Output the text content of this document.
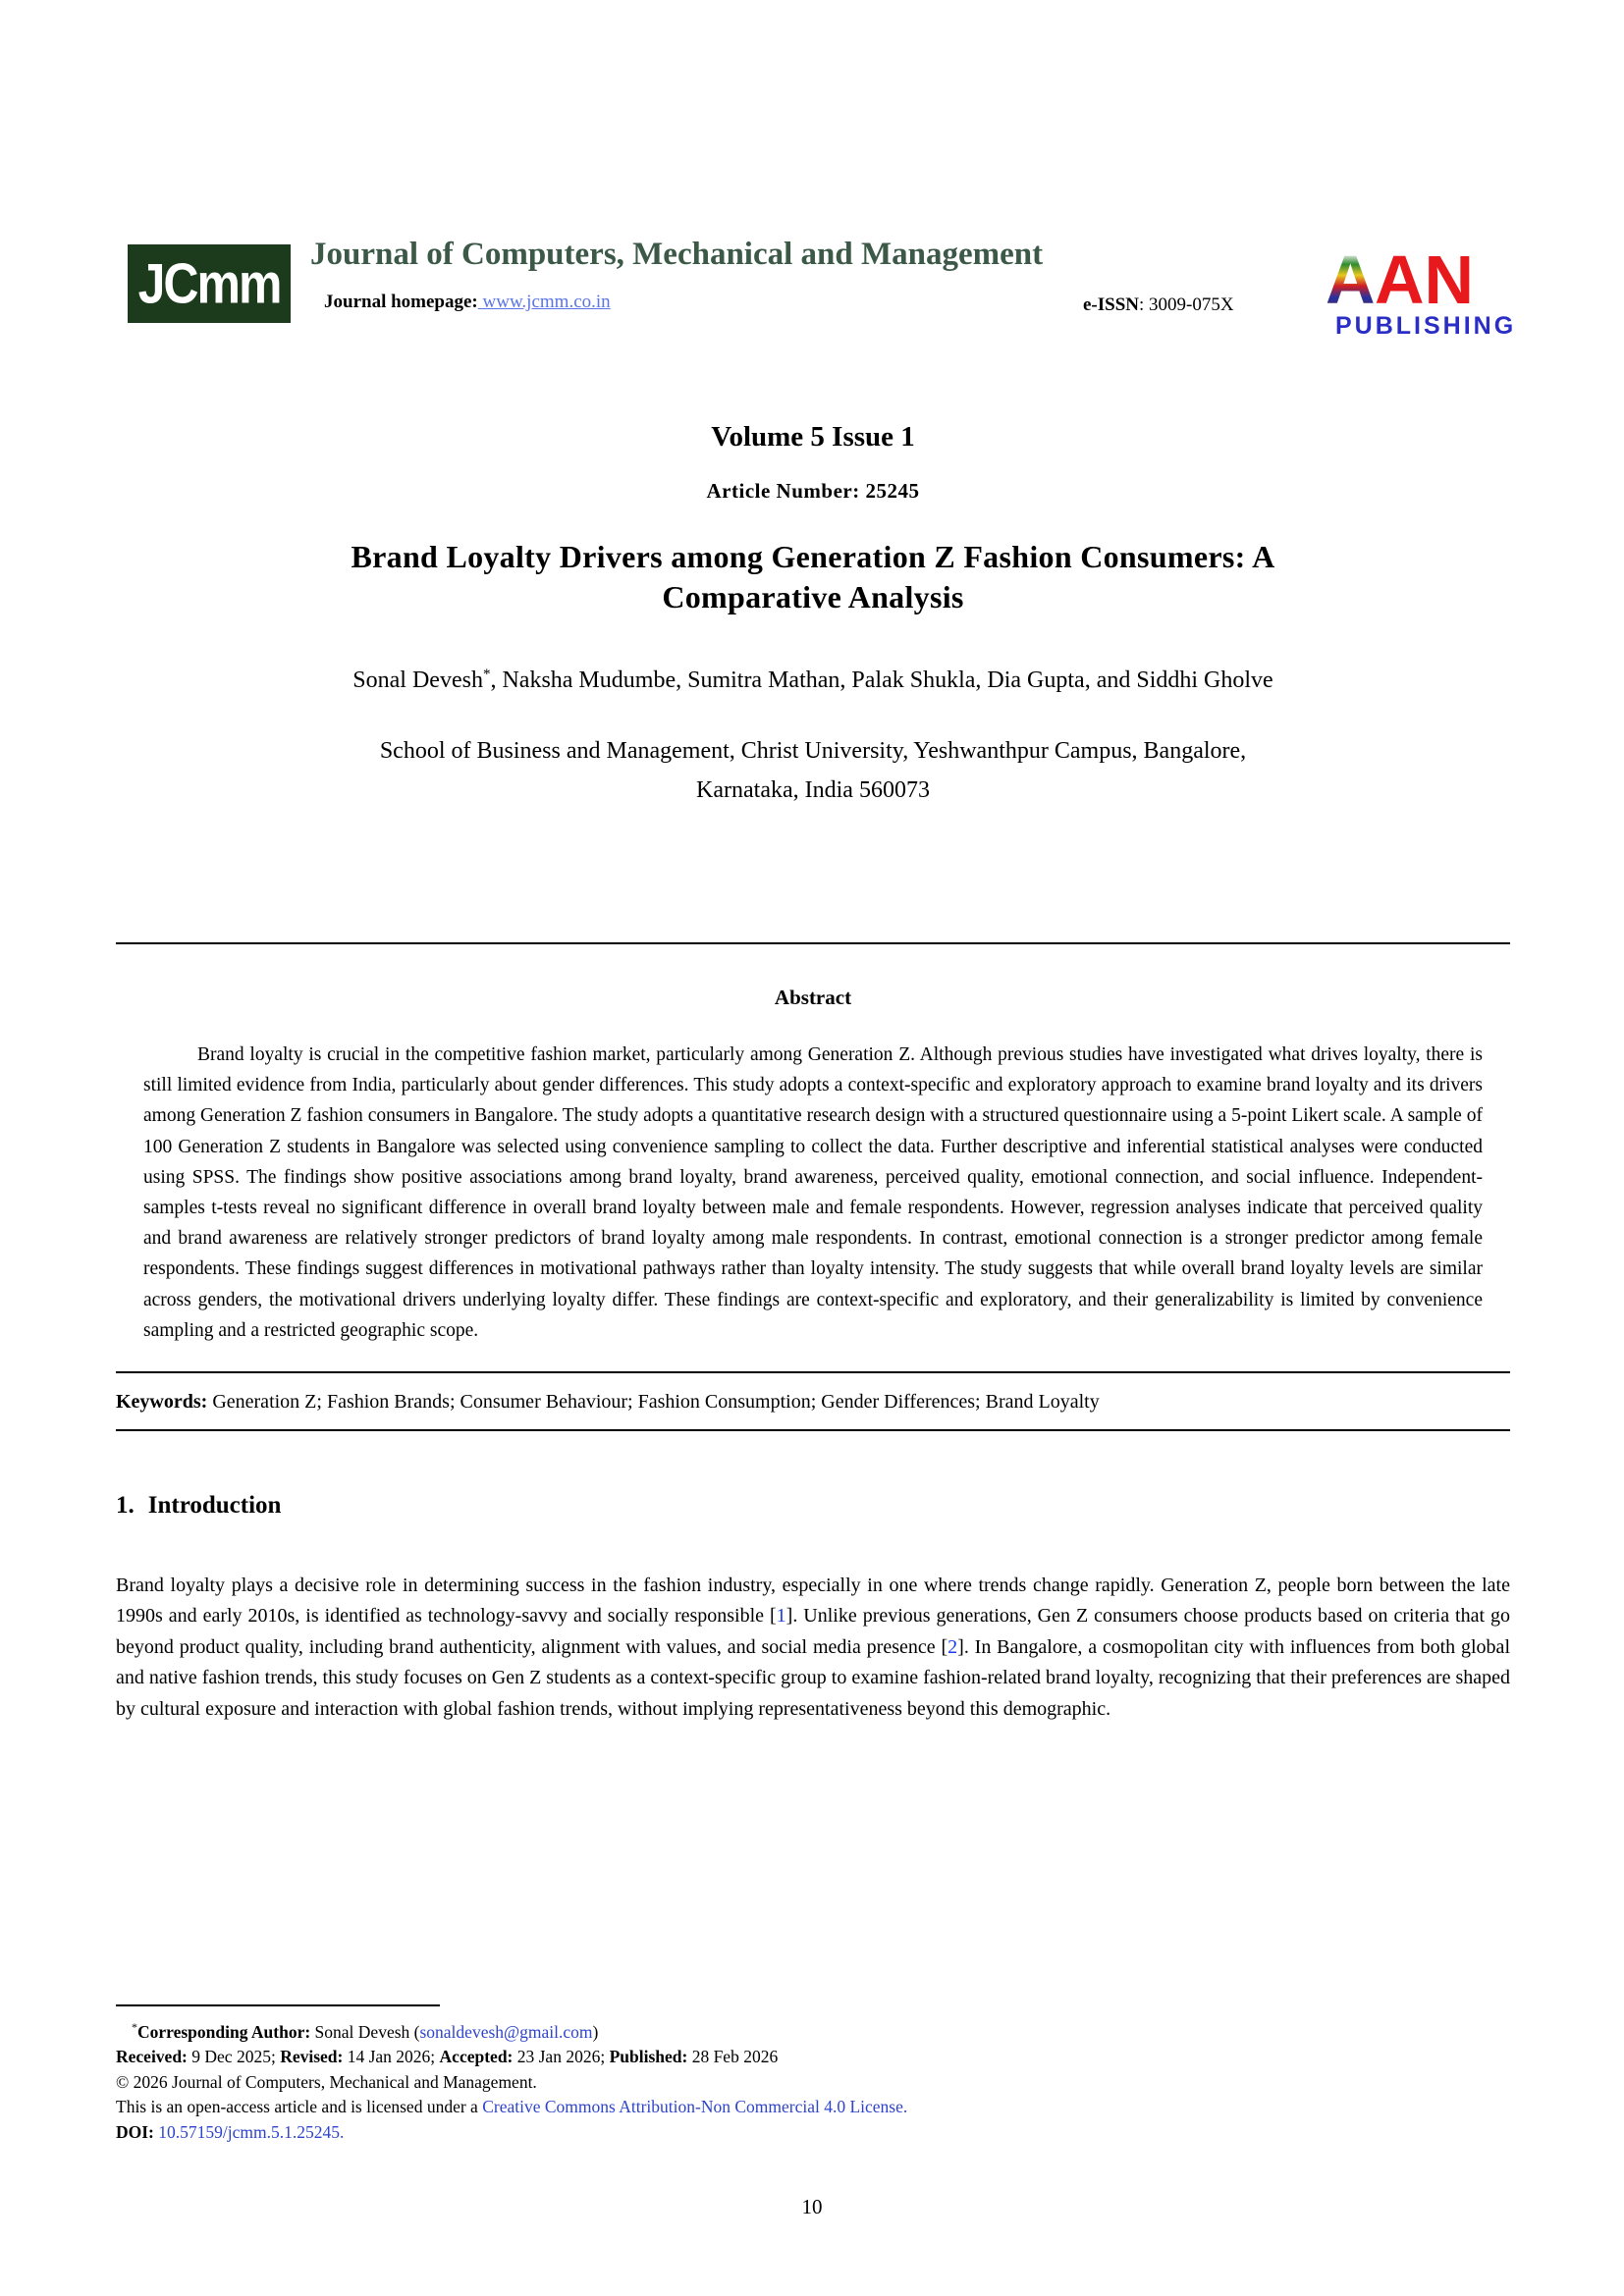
JCmm Journal of Computers, Mechanical and Management
Journal homepage: www.jcmm.co.in	e-ISSN: 3009-075X A AN
PUBLISHING
Volume 5 Issue 1
Article Number: 25245
Brand Loyalty Drivers among Generation Z Fashion Consumers: A
Comparative Analysis
Sonal Devesh*, Naksha Mudumbe, Sumitra Mathan, Palak Shukla, Dia Gupta, and Siddhi Gholve
School of Business and Management, Christ University, Yeshwanthpur Campus, Bangalore,
Karnataka, India 560073
Abstract

Brand loyalty is crucial in the competitive fashion market, particularly among Generation Z. Although previous studies have investigated what drives loyalty, there is still limited evidence from India, particularly about gender differences. This study adopts a context-specific and exploratory approach to examine brand loyalty and its drivers among Generation Z fashion consumers in Bangalore. The study adopts a quantitative research design with a structured questionnaire using a 5-point Likert scale. A sample of 100 Generation Z students in Bangalore was selected using convenience sampling to collect the data. Further descriptive and inferential statistical analyses were conducted using SPSS. The findings show positive associations among brand loyalty, brand awareness, perceived quality, emotional connection, and social influence. Independent-samples t-tests reveal no significant difference in overall brand loyalty between male and female respondents. However, regression analyses indicate that perceived quality and brand awareness are relatively stronger predictors of brand loyalty among male respondents. In contrast, emotional connection is a stronger predictor among female respondents. These findings suggest differences in motivational pathways rather than loyalty intensity. The study suggests that while overall brand loyalty levels are similar across genders, the motivational drivers underlying loyalty differ. These findings are context-specific and exploratory, and their generalizability is limited by convenience sampling and a restricted geographic scope.

Keywords: Generation Z; Fashion Brands; Consumer Behaviour; Fashion Consumption; Gender Differences; Brand Loyalty

1. Introduction

Brand loyalty plays a decisive role in determining success in the fashion industry, especially in one where trends change rapidly. Generation Z, people born between the late 1990s and early 2010s, is identified as technology-savvy and socially responsible [1]. Unlike previous generations, Gen Z consumers choose products based on criteria that go beyond product quality, including brand authenticity, alignment with values, and social media presence [2]. In Bangalore, a cosmopolitan city with influences from both global and native fashion trends, this study focuses on Gen Z students as a context-specific group to examine fashion-related brand loyalty, recognizing that their preferences are shaped by cultural exposure and interaction with global fashion trends, without implying representativeness beyond this demographic.

*Corresponding Author: Sonal Devesh (sonaldevesh@gmail.com)
Received: 9 Dec 2025; Revised: 14 Jan 2026; Accepted: 23 Jan 2026; Published: 28 Feb 2026
© 2026 Journal of Computers, Mechanical and Management.
This is an open-access article and is licensed under a Creative Commons Attribution-Non Commercial 4.0 License.
DOI: 10.57159/jcmm.5.1.25245.
10
